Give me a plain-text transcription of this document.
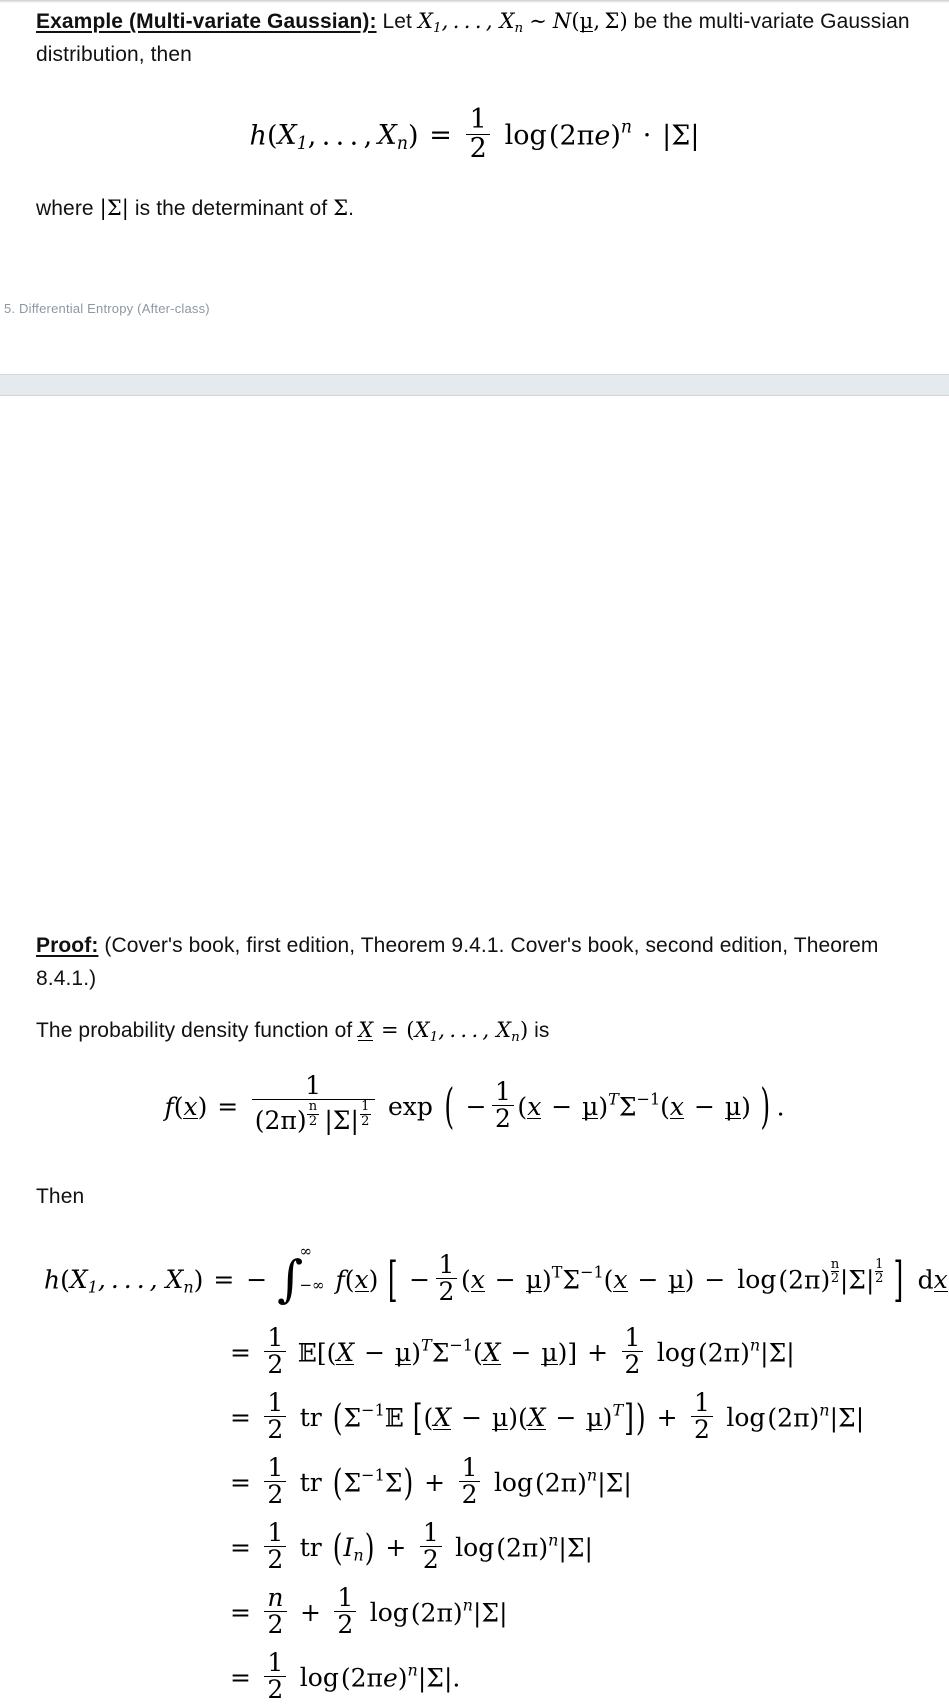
Example (Multi-variate Gaussian): Let $X_1$, . . . , $X_n$ ∼ N(μ, Σ) be the multi-variate Gaussian distribution, then
$h(X_1$, . . . , $X_n) = \frac{1}{2} \log(2\pi e)^n \cdot |\Sigma|$
where |Σ| is the determinant of Σ.
5. Differential Entropy (After-class)
Proof: (Cover's book, first edition, Theorem 9.4.1. Cover's book, second edition, Theorem 8.4.1.)
The probability density function of $X = (X_1$, . . . , $X_n$) is
$f(x) = \frac{1}{(2\pi) \frac{n}{2} |\Sigma| \frac{1}{2}}$ exp ( − $\frac{1}{2} (x - \mu)^T\Sigma^{-1}(x - \mu)$ ) .
Then
$h(X_1$, . . . , $X_n$) = − ∫
∞
−∞ f(x) [ − $\frac{1}{2} (x - \mu)^T\Sigma^{-1}(x - \mu) - \log(2\pi) \frac{n}{2} |\Sigma| \frac{1}{2}$ ]  dx
= $\frac{1}{2}$ 𝔼[(X − $\mu)^T\Sigma^{-1}(X - \mu)] + \frac{1}{2} \log(2\pi)^n|\Sigma|$
= $\frac{1}{2}$ tr ($\Sigma^{-1}𝔼$ $[(X - \mu)(X - \mu)^T]) + \frac{1}{2} \log(2\pi)^n|\Sigma|$
= $\frac{1}{2}$ tr $(\Sigma^{-1}\Sigma) + \frac{1}{2} \log(2\pi)^n|\Sigma|$
= $\frac{1}{2}$ tr $(I_n) + \frac{1}{2} \log(2\pi)^n|\Sigma|$
= $\frac{n}{2} + \frac{1}{2} \log(2\pi)^n|\Sigma|$
= $\frac{1}{2} \log(2\pi e)^n|\Sigma|$.
